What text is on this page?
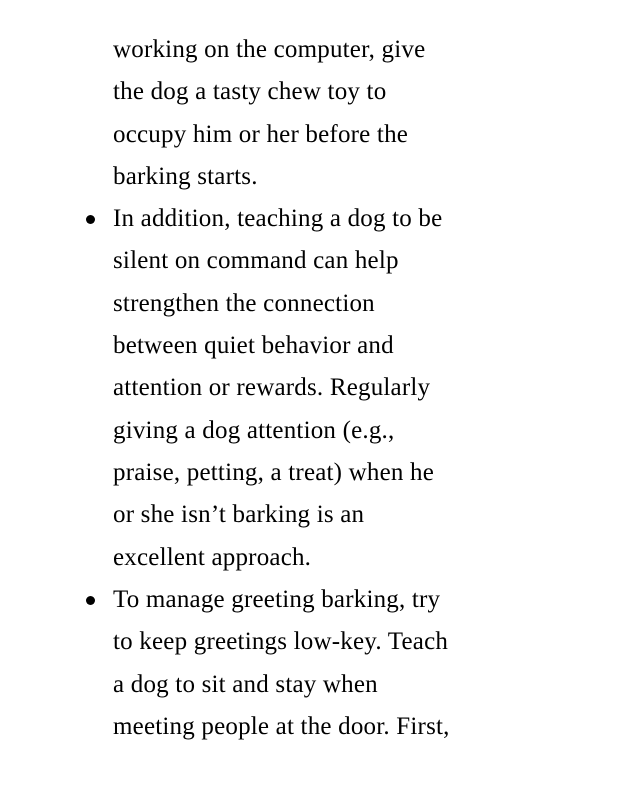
working on the computer, give
the dog a tasty chew toy to
occupy him or her before the
barking starts.
In addition, teaching a dog to be
silent on command can help
strengthen the connection
between quiet behavior and
attention or rewards. Regularly
giving a dog attention (e.g.,
praise, petting, a treat) when he
or she isn’t barking is an
excellent approach.
To manage greeting barking, try
to keep greetings low-key. Teach
a dog to sit and stay when
meeting people at the door. First,
